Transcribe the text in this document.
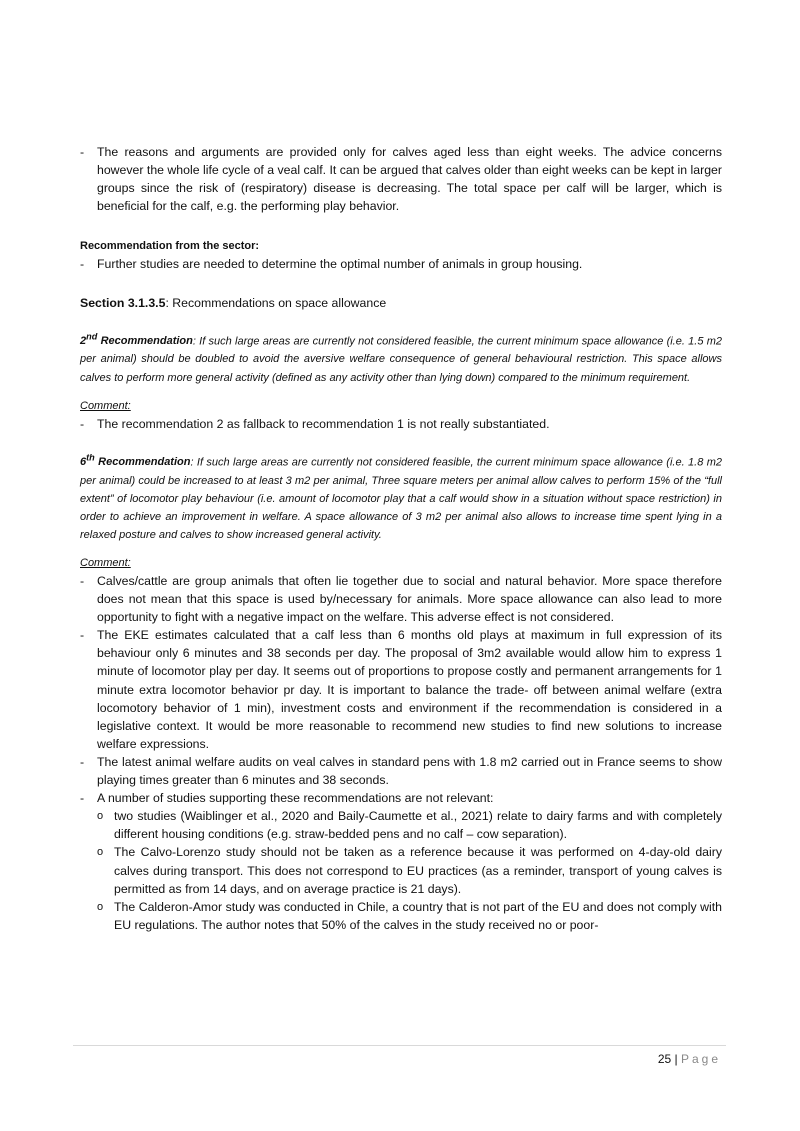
-	The reasons and arguments are provided only for calves aged less than eight weeks. The advice concerns however the whole life cycle of a veal calf. It can be argued that calves older than eight weeks can be kept in larger groups since the risk of (respiratory) disease is decreasing. The total space per calf will be larger, which is beneficial for the calf, e.g. the performing play behavior.

Recommendation from the sector:

-	Further studies are needed to determine the optimal number of animals in group housing.

Section 3.1.3.5: Recommendations on space allowance

2nd Recommendation: If such large areas are currently not considered feasible, the current minimum space allowance (i.e. 1.5 m2 per animal) should be doubled to avoid the aversive welfare consequence of general behavioural restriction. This space allows calves to perform more general activity (defined as any activity other than lying down) compared to the minimum requirement.

Comment:

-	The recommendation 2 as fallback to recommendation 1 is not really substantiated.

6th Recommendation: If such large areas are currently not considered feasible, the current minimum space allowance (i.e. 1.8 m2 per animal) could be increased to at least 3 m2 per animal, Three square meters per animal allow calves to perform 15% of the “full extent” of locomotor play behaviour (i.e. amount of locomotor play that a calf would show in a situation without space restriction) in order to achieve an improvement in welfare. A space allowance of 3 m2 per animal also allows to increase time spent lying in a relaxed posture and calves to show increased general activity.

Comment:

-	Calves/cattle are group animals that often lie together due to social and natural behavior. More space therefore does not mean that this space is used by/necessary for animals. More space allowance can also lead to more opportunity to fight with a negative impact on the welfare. This adverse effect is not considered.

-	The EKE estimates calculated that a calf less than 6 months old plays at maximum in full expression of its behaviour only 6 minutes and 38 seconds per day. The proposal of 3m2 available would allow him to express 1 minute of locomotor play per day. It seems out of proportions to propose costly and permanent arrangements for 1 minute extra locomotor behavior pr day. It is important to balance the trade- off between animal welfare (extra locomotory behavior of 1 min), investment costs and environment if the recommendation is considered in a legislative context. It would be more reasonable to recommend new studies to find new solutions to increase welfare expressions.

-	The latest animal welfare audits on veal calves in standard pens with 1.8 m2 carried out in France seems to show playing times greater than 6 minutes and 38 seconds.

-	A number of studies supporting these recommendations are not relevant:

o two studies (Waiblinger et al., 2020 and Baily-Caumette et al., 2021) relate to dairy farms and with completely different housing conditions (e.g. straw-bedded pens and no calf – cow separation).

o The Calvo-Lorenzo study should not be taken as a reference because it was performed on 4-day-old dairy calves during transport. This does not correspond to EU practices (as a reminder, transport of young calves is permitted as from 14 days, and on average practice is 21 days).

o The Calderon-Amor study was conducted in Chile, a country that is not part of the EU and does not comply with EU regulations. The author notes that 50% of the calves in the study received no or poor-

25 | Page
